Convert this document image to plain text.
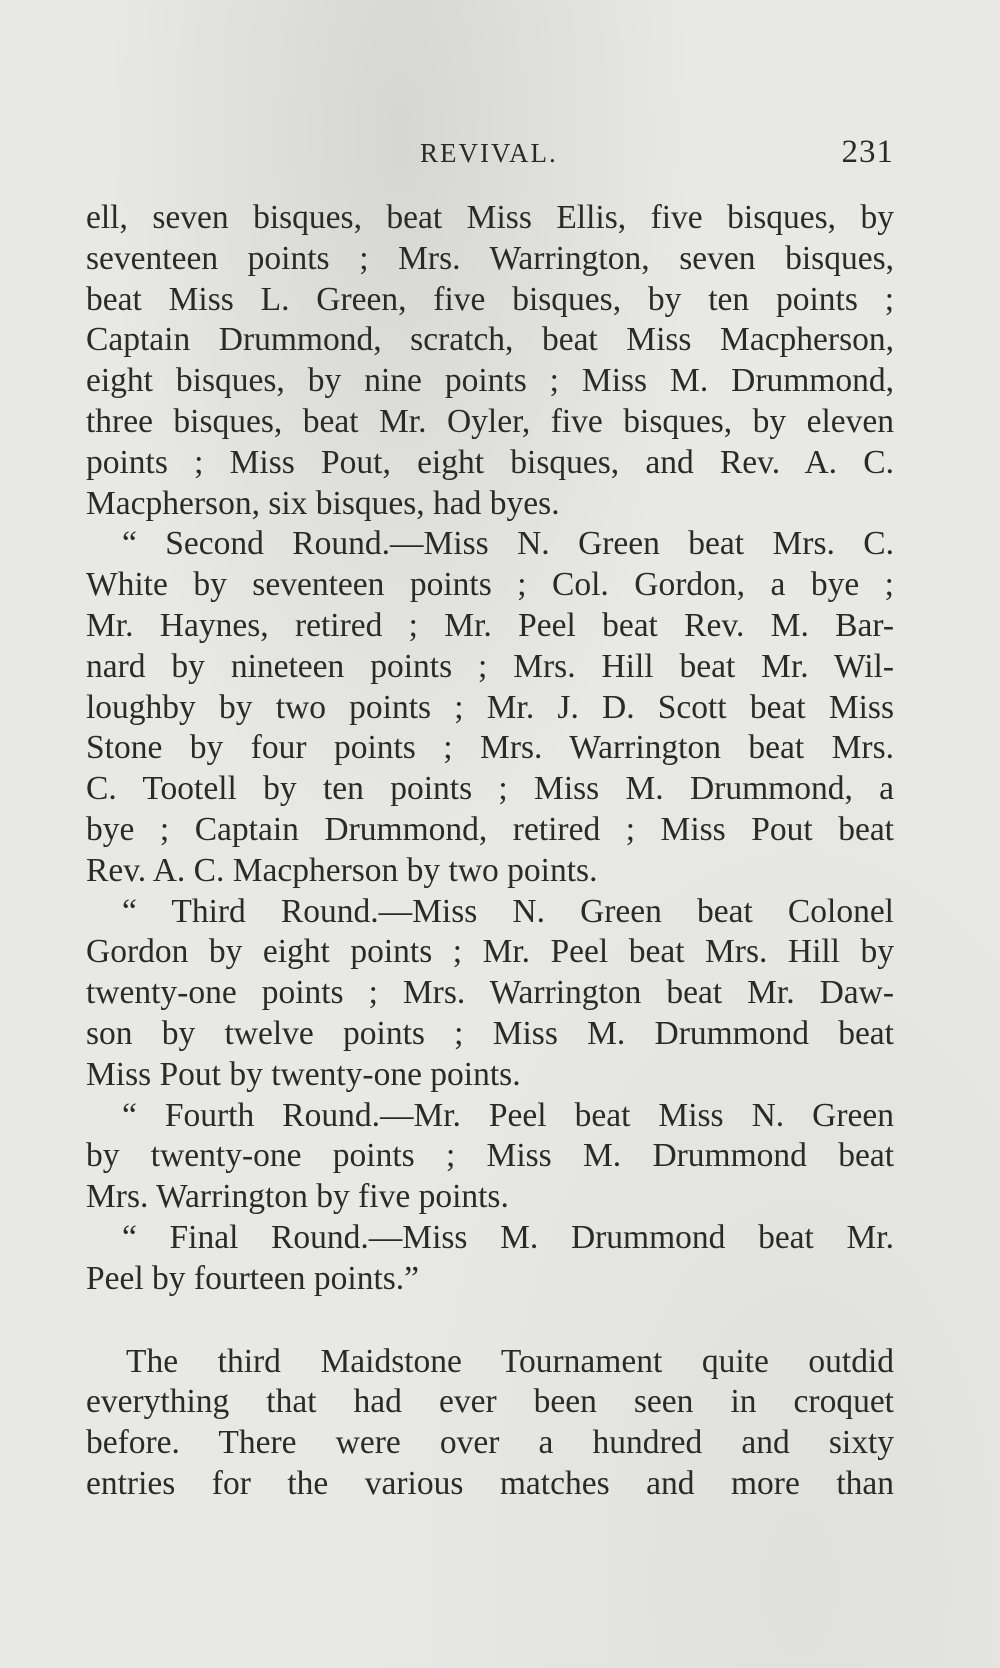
REVIVAL.	231
ell, seven bisques, beat Miss Ellis, five bisques, by
seventeen points ; Mrs. Warrington, seven bisques,
beat Miss L. Green, five bisques, by ten points ;
Captain Drummond, scratch, beat Miss Macpherson,
eight bisques, by nine points ; Miss M. Drummond,
three bisques, beat Mr. Oyler, five bisques, by eleven
points ; Miss Pout, eight bisques, and Rev. A. C.
Macpherson, six bisques, had byes.
“ Second Round.—Miss N. Green beat Mrs. C.
White by seventeen points ; Col. Gordon, a bye ;
Mr. Haynes, retired ; Mr. Peel beat Rev. M. Bar-
nard by nineteen points ; Mrs. Hill beat Mr. Wil-
loughby by two points ; Mr. J. D. Scott beat Miss
Stone by four points ; Mrs. Warrington beat Mrs.
C. Tootell by ten points ; Miss M. Drummond, a
bye ; Captain Drummond, retired ; Miss Pout beat
Rev. A. C. Macpherson by two points.
“ Third Round.—Miss N. Green beat Colonel
Gordon by eight points ; Mr. Peel beat Mrs. Hill by
twenty-one points ; Mrs. Warrington beat Mr. Daw-
son by twelve points ; Miss M. Drummond beat
Miss Pout by twenty-one points.
“ Fourth Round.—Mr. Peel beat Miss N. Green
by twenty-one points ; Miss M. Drummond beat
Mrs. Warrington by five points.
“ Final Round.—Miss M. Drummond beat Mr.
Peel by fourteen points.”
The third Maidstone Tournament quite outdid
everything that had ever been seen in croquet
before. There were over a hundred and sixty
entries for the various matches and more than
